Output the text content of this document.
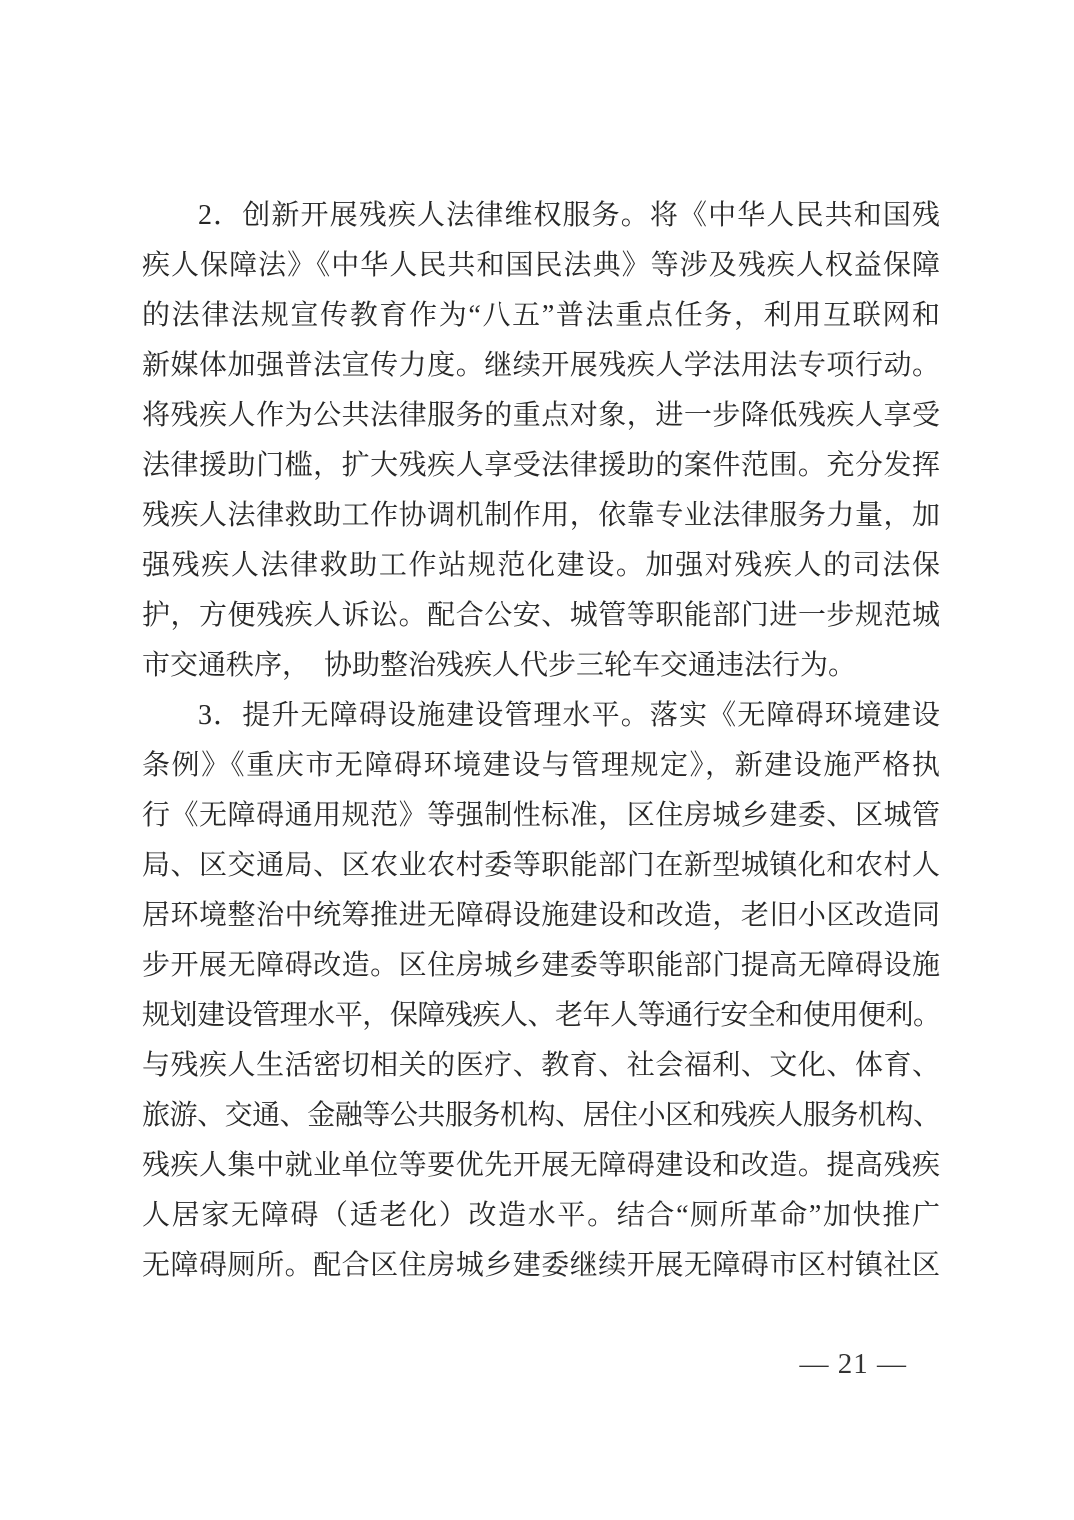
2．创新开展残疾人法律维权服务。将《中华人民共和国残

疾人保障法》《中华人民共和国民法典》等涉及残疾人权益保障

的法律法规宣传教育作为“八五”普法重点任务，利用互联网和

新媒体加强普法宣传力度。继续开展残疾人学法用法专项行动。

将残疾人作为公共法律服务的重点对象，进一步降低残疾人享受

法律援助门槛，扩大残疾人享受法律援助的案件范围。充分发挥

残疾人法律救助工作协调机制作用，依靠专业法律服务力量，加

强残疾人法律救助工作站规范化建设。加强对残疾人的司法保

护，方便残疾人诉讼。配合公安、城管等职能部门进一步规范城

市交通秩序，　协助整治残疾人代步三轮车交通违法行为。

3．提升无障碍设施建设管理水平。落实《无障碍环境建设

条例》《重庆市无障碍环境建设与管理规定》，新建设施严格执

行《无障碍通用规范》等强制性标准，区住房城乡建委、区城管

局、区交通局、区农业农村委等职能部门在新型城镇化和农村人

居环境整治中统筹推进无障碍设施建设和改造，老旧小区改造同

步开展无障碍改造。区住房城乡建委等职能部门提高无障碍设施

规划建设管理水平，保障残疾人、老年人等通行安全和使用便利。

与残疾人生活密切相关的医疗、教育、社会福利、文化、体育、

旅游、交通、金融等公共服务机构、居住小区和残疾人服务机构、

残疾人集中就业单位等要优先开展无障碍建设和改造。提高残疾

人居家无障碍（适老化）改造水平。结合“厕所革命”加快推广

无障碍厕所。配合区住房城乡建委继续开展无障碍市区村镇社区

— 21 —
